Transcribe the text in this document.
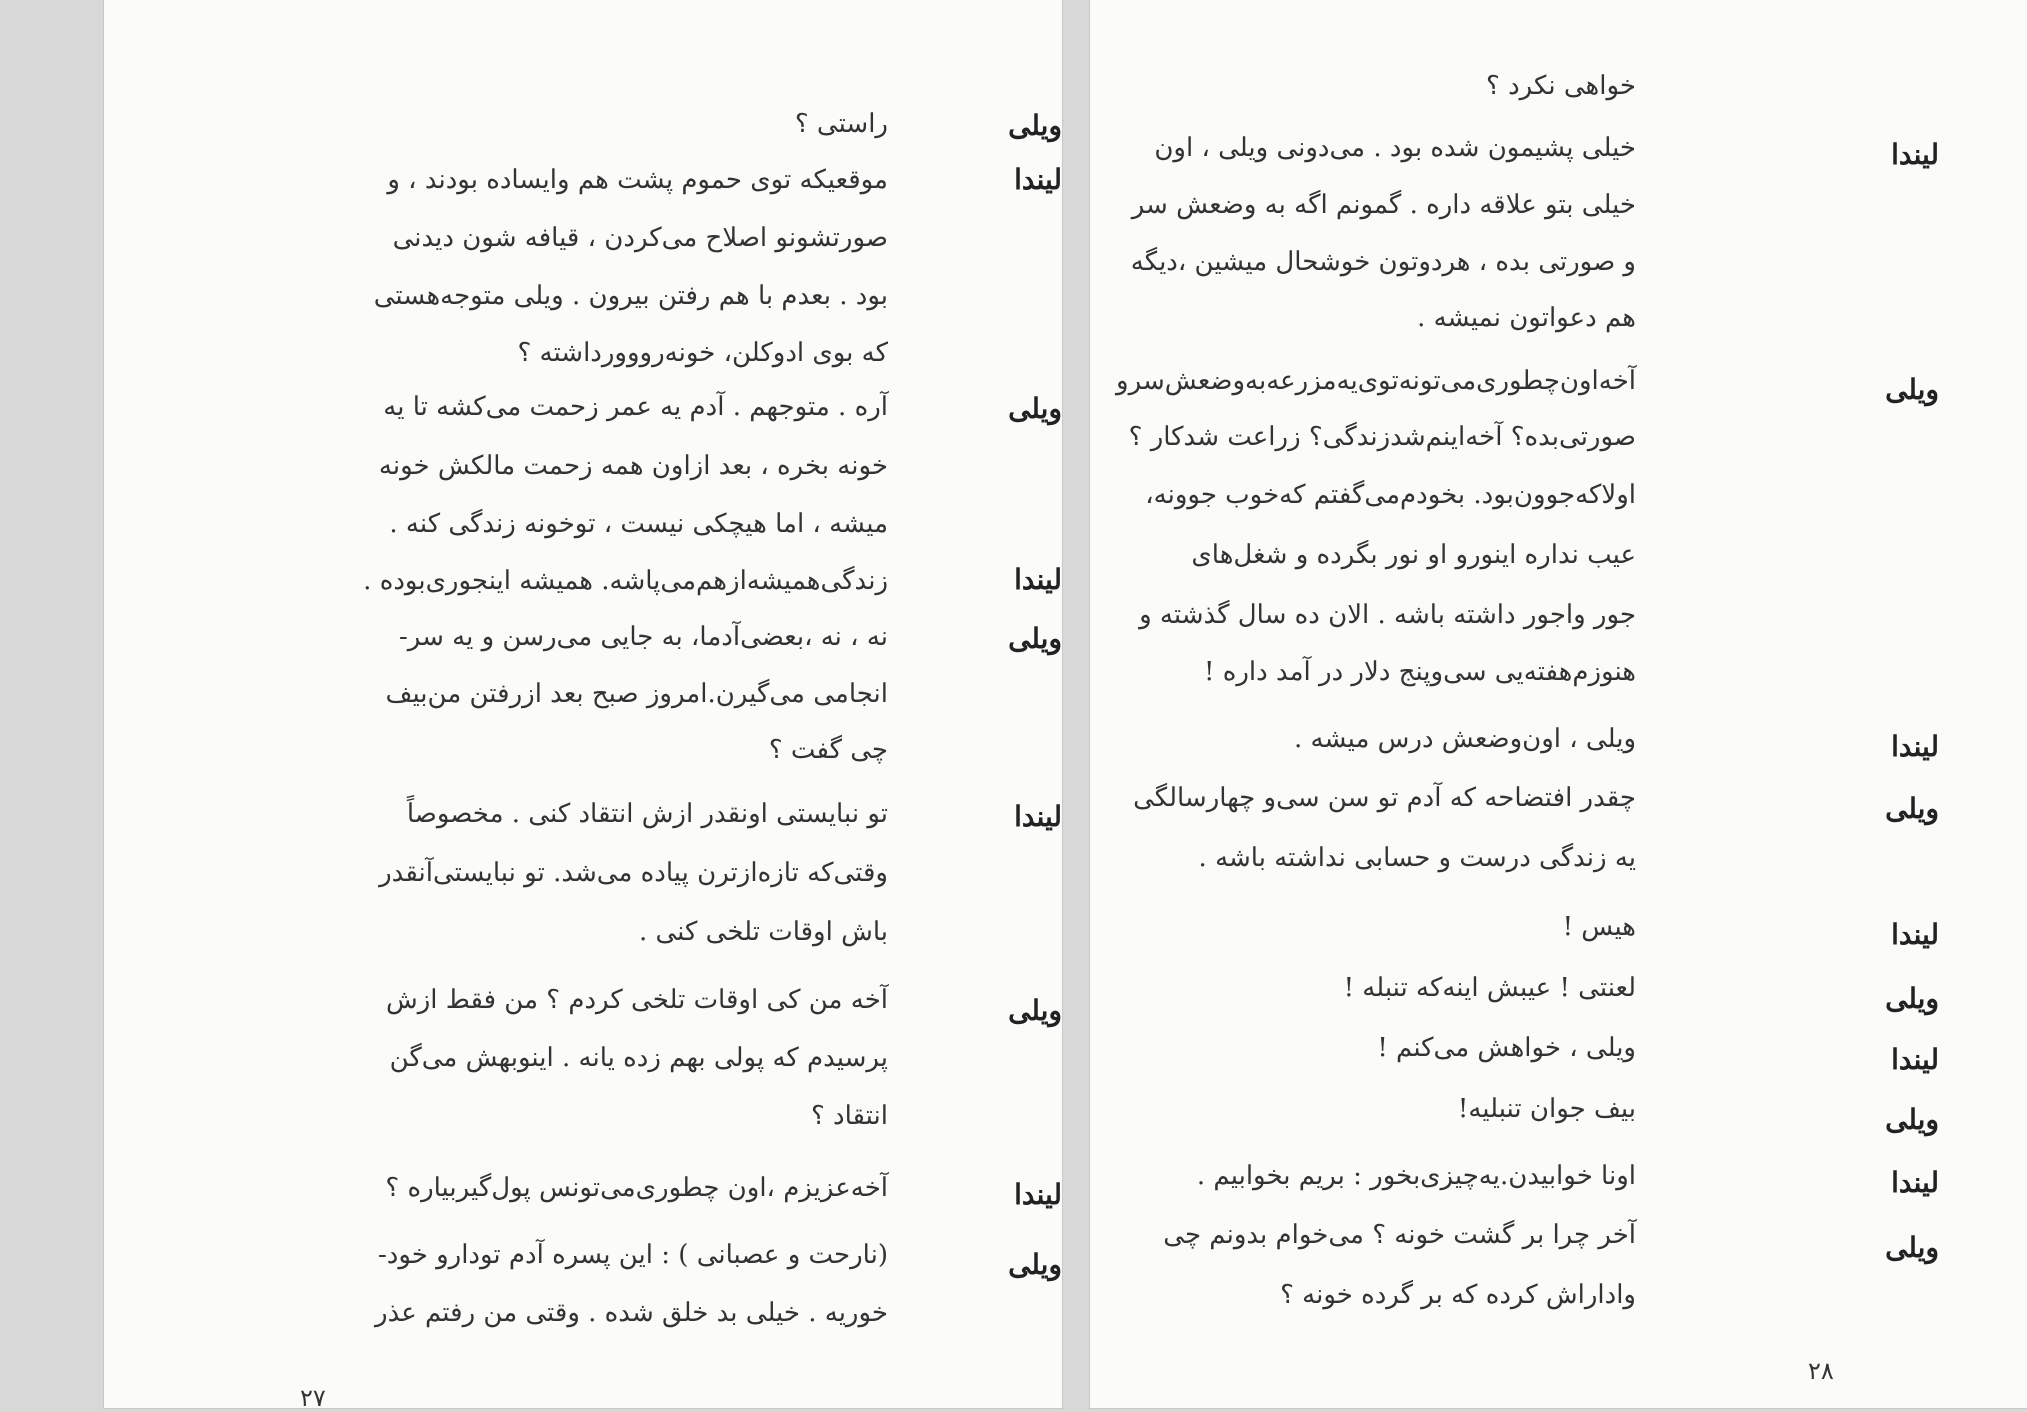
راستی ؟
موقعیکه توی حموم پشت هم وایساده بودند ، و
صورتشونو اصلاح می‌کردن ، قیافه شون دیدنی
بود . بعدم با هم رفتن بیرون . ویلی متوجه‌هستی
که بوی ادوکلن، خونه‌رووورداشته ؟
آره . متوجهم . آدم یه عمر زحمت می‌کشه تا یه
خونه بخره ، بعد ازاون همه زحمت مالکش خونه
میشه ، اما هیچکی نیست ، توخونه زندگی کنه .
زندگی‌همیشه‌ازهم‌می‌پاشه. همیشه اینجوری‌بوده .
نه ، نه ،بعضی‌آدما، به جایی می‌رسن و یه سر-
انجامی می‌گیرن.امروز صبح بعد ازرفتن من‌بیف
چی گفت ؟
تو نبایستی اونقدر ازش انتقاد کنی . مخصوصاً
وقتی‌که تازه‌ازترن پیاده می‌شد. تو نبایستی‌آنقدر
باش اوقات تلخی کنی .
آخه من کی اوقات تلخی کردم ؟ من فقط ازش
پرسیدم که پولی بهم زده یانه . اینوبهش می‌گن
انتقاد ؟
آخه‌عزیزم ،اون چطوری‌می‌تونس پول‌گیربیاره ؟
(نارحت و عصبانی ) : این پسره آدم تودارو خود-
خوریه . خیلی بد خلق شده . وقتی من رفتم عذر
ویلی
لیندا
ویلی
لیندا
ویلی
لیندا
ویلی
لیندا
ویلی
۲۷
خواهی نکرد ؟
خیلی پشیمون شده بود . می‌دونی ویلی ، اون
خیلی بتو علاقه داره . گمونم اگه به وضعش سر
و صورتی بده ، هردوتون خوشحال میشین ،دیگه
هم دعواتون نمیشه .
آخه‌اون‌چطوری‌می‌تونه‌توی‌یه‌مزرعه‌به‌وضعش‌سرو
صورتی‌بده؟ آخه‌اینم‌شدزندگی؟ زراعت شدکار ؟
اولاکه‌جوون‌بود. بخودم‌می‌گفتم که‌خوب جوونه،
عیب نداره اینورو او نور بگرده و شغل‌های
جور واجور داشته باشه . الان ده سال گذشته و
هنوزم‌هفته‌یی سی‌وپنج دلار در آمد داره !
ویلی ، اون‌وضعش درس میشه .
چقدر افتضاحه که آدم تو سن سی‌و چهارسالگی
یه زندگی درست و حسابی نداشته باشه .
هیس !
لعنتی ! عیبش اینه‌که تنبله !
ویلی ، خواهش می‌کنم !
بیف جوان تنبلیه!
اونا خوابیدن.یه‌چیزی‌بخور : بریم بخوابیم .
آخر چرا بر گشت خونه ؟ می‌خوام بدونم چی
واداراش کرده که بر گرده خونه ؟
لیندا
ویلی
لیندا
ویلی
لیندا
ویلی
لیندا
ویلی
لیندا
ویلی
۲۸
